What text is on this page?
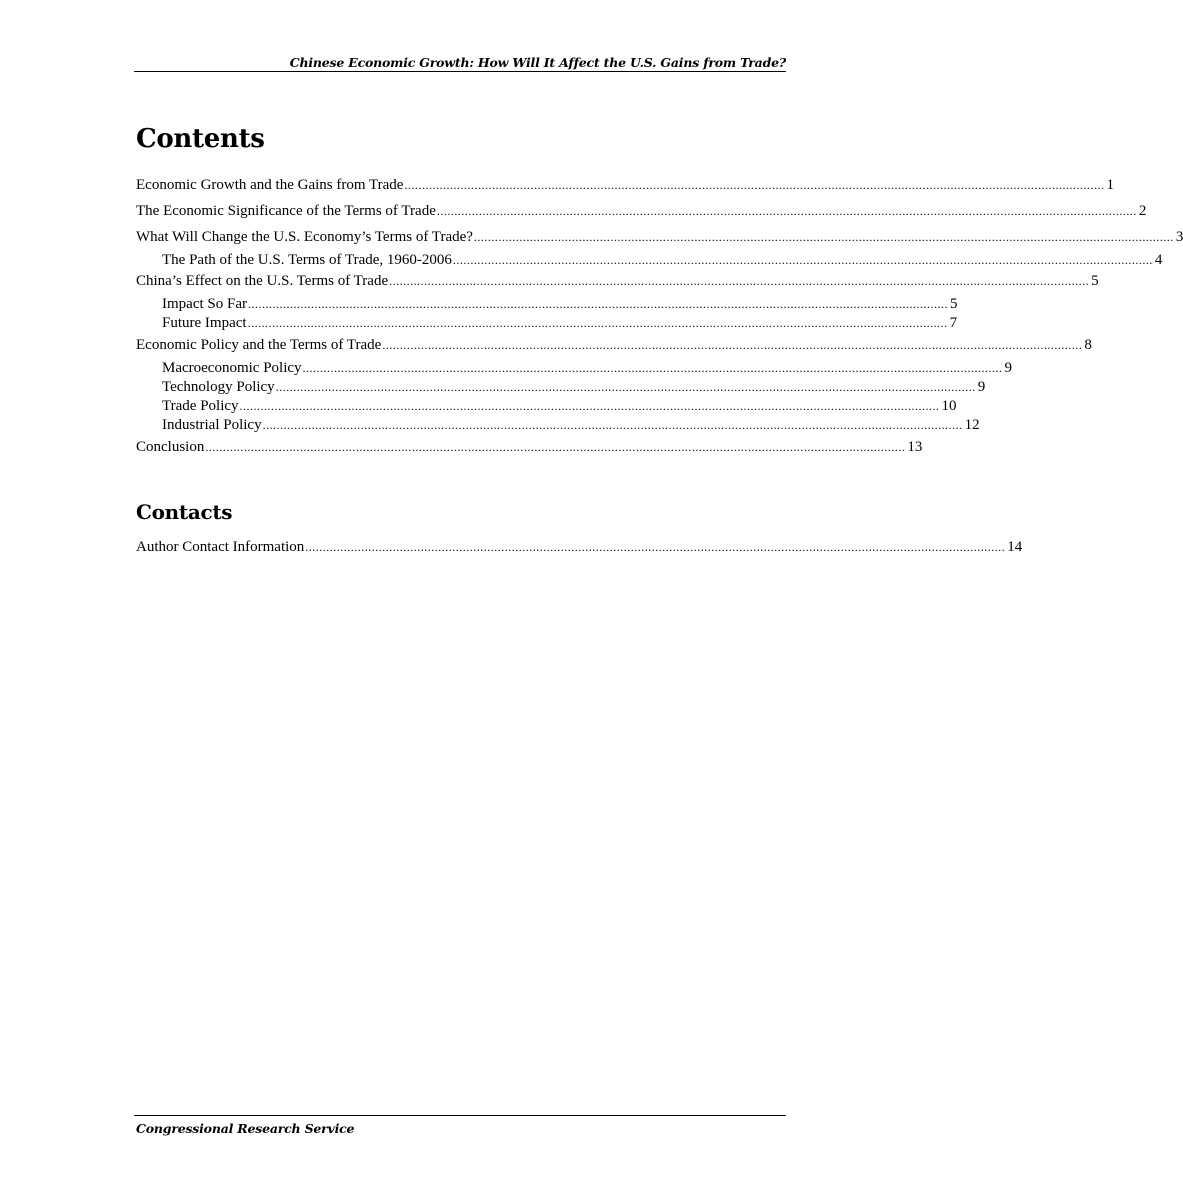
Chinese Economic Growth: How Will It Affect the U.S. Gains from Trade?
Contents
Economic Growth and the Gains from Trade ........................................................................................................................................................................................................ 1
The Economic Significance of the Terms of Trade ........................................................................................................................................................................................................ 2
What Will Change the U.S. Economy’s Terms of Trade? ........................................................................................................................................................................................................ 3
The Path of the U.S. Terms of Trade, 1960-2006 ........................................................................................................................................................................................................ 4
China’s Effect on the U.S. Terms of Trade ........................................................................................................................................................................................................ 5
Impact So Far ........................................................................................................................................................................................................ 5
Future Impact ........................................................................................................................................................................................................ 7
Economic Policy and the Terms of Trade ........................................................................................................................................................................................................ 8
Macroeconomic Policy ........................................................................................................................................................................................................ 9
Technology Policy ........................................................................................................................................................................................................ 9
Trade Policy ........................................................................................................................................................................................................ 10
Industrial Policy ........................................................................................................................................................................................................ 12
Conclusion ........................................................................................................................................................................................................ 13
Contacts
Author Contact Information ........................................................................................................................................................................................................ 14
Congressional Research Service
